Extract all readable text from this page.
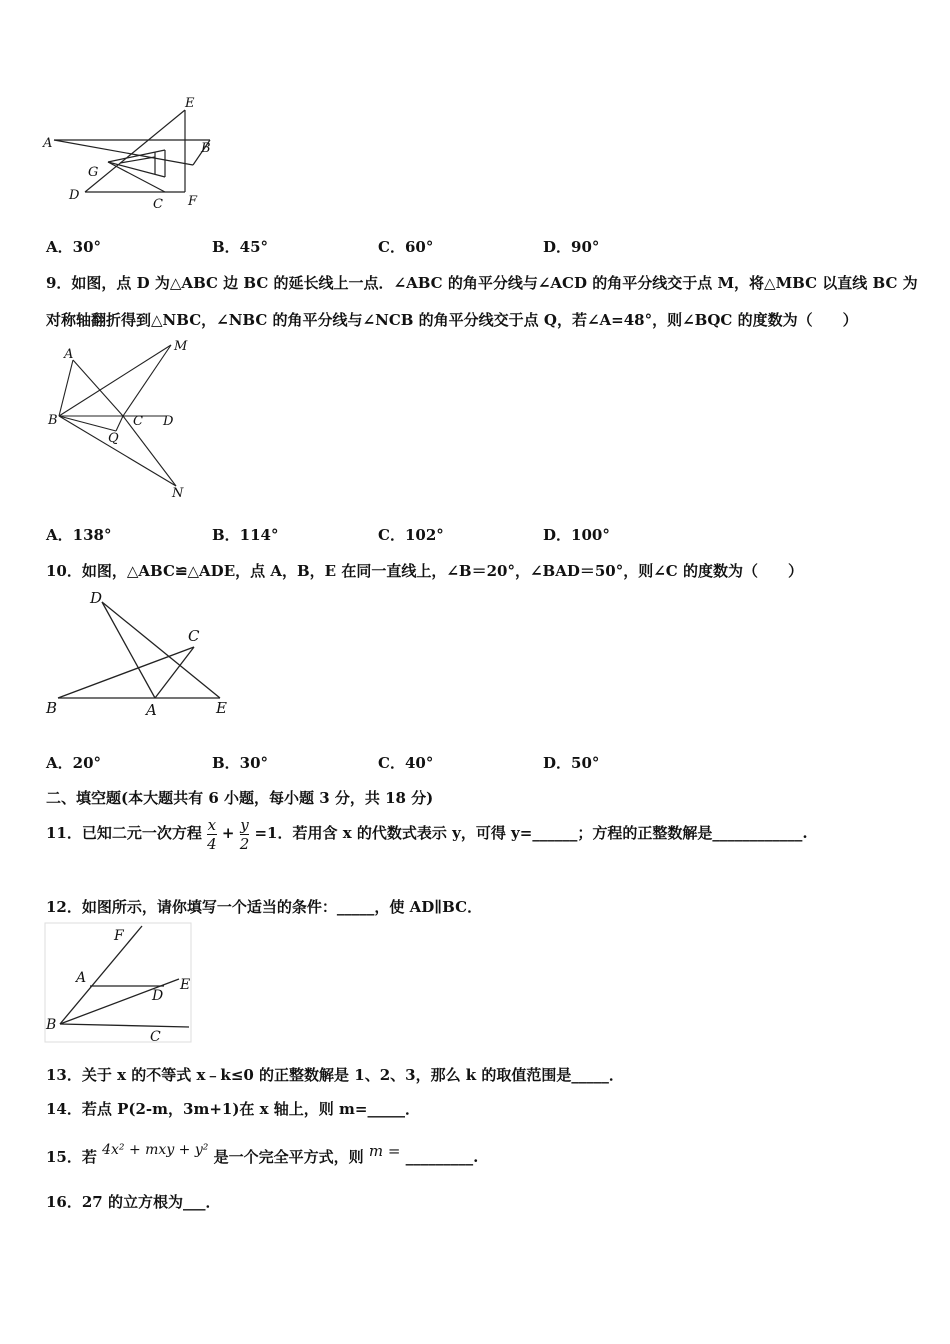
E
A	B
G
D
C F
A．30°	B．45°	C．60°	D．90°
9．如图，点 D 为△ABC 边 BC 的延长线上一点．∠ABC 的角平分线与∠ACD 的角平分线交于点 M，将△MBC 以直线 BC 为
对称轴翻折得到△NBC，∠NBC 的角平分线与∠NCB 的角平分线交于点 Q，若∠A=48°，则∠BQC 的度数为（　　）
A
M
B	C D
Q
N
A．138°	B．114°	C．102°	D．100°
10．如图，△ABC≌△ADE，点 A，B，E 在同一直线上，∠B＝20°，∠BAD＝50°，则∠C 的度数为（　　）
D
C
B	A	E
A．20°	B．30°	C．40°	D．50°
二、填空题(本大题共有 6 小题，每小题 3 分，共 18 分)
11．已知二元一次方程 $\frac{x}{4} + \frac{y}{2} =1$．若用含 x 的代数式表示 y，可得 y=______；方程的正整数解是____________.
12．如图所示，请你填写一个适当的条件：_____，使 AD∥BC．
F
A
D
E
B
C
13．关于 x 的不等式 x﹣k≤0 的正整数解是 1、2、3，那么 k 的取值范围是_____．
14．若点 P(2-m，3m+1)在 x 轴上，则 m=_____．
15．若 4x² + mxy + y² 是一个完全平方式，则 m = _________.
16．27 的立方根为___．
